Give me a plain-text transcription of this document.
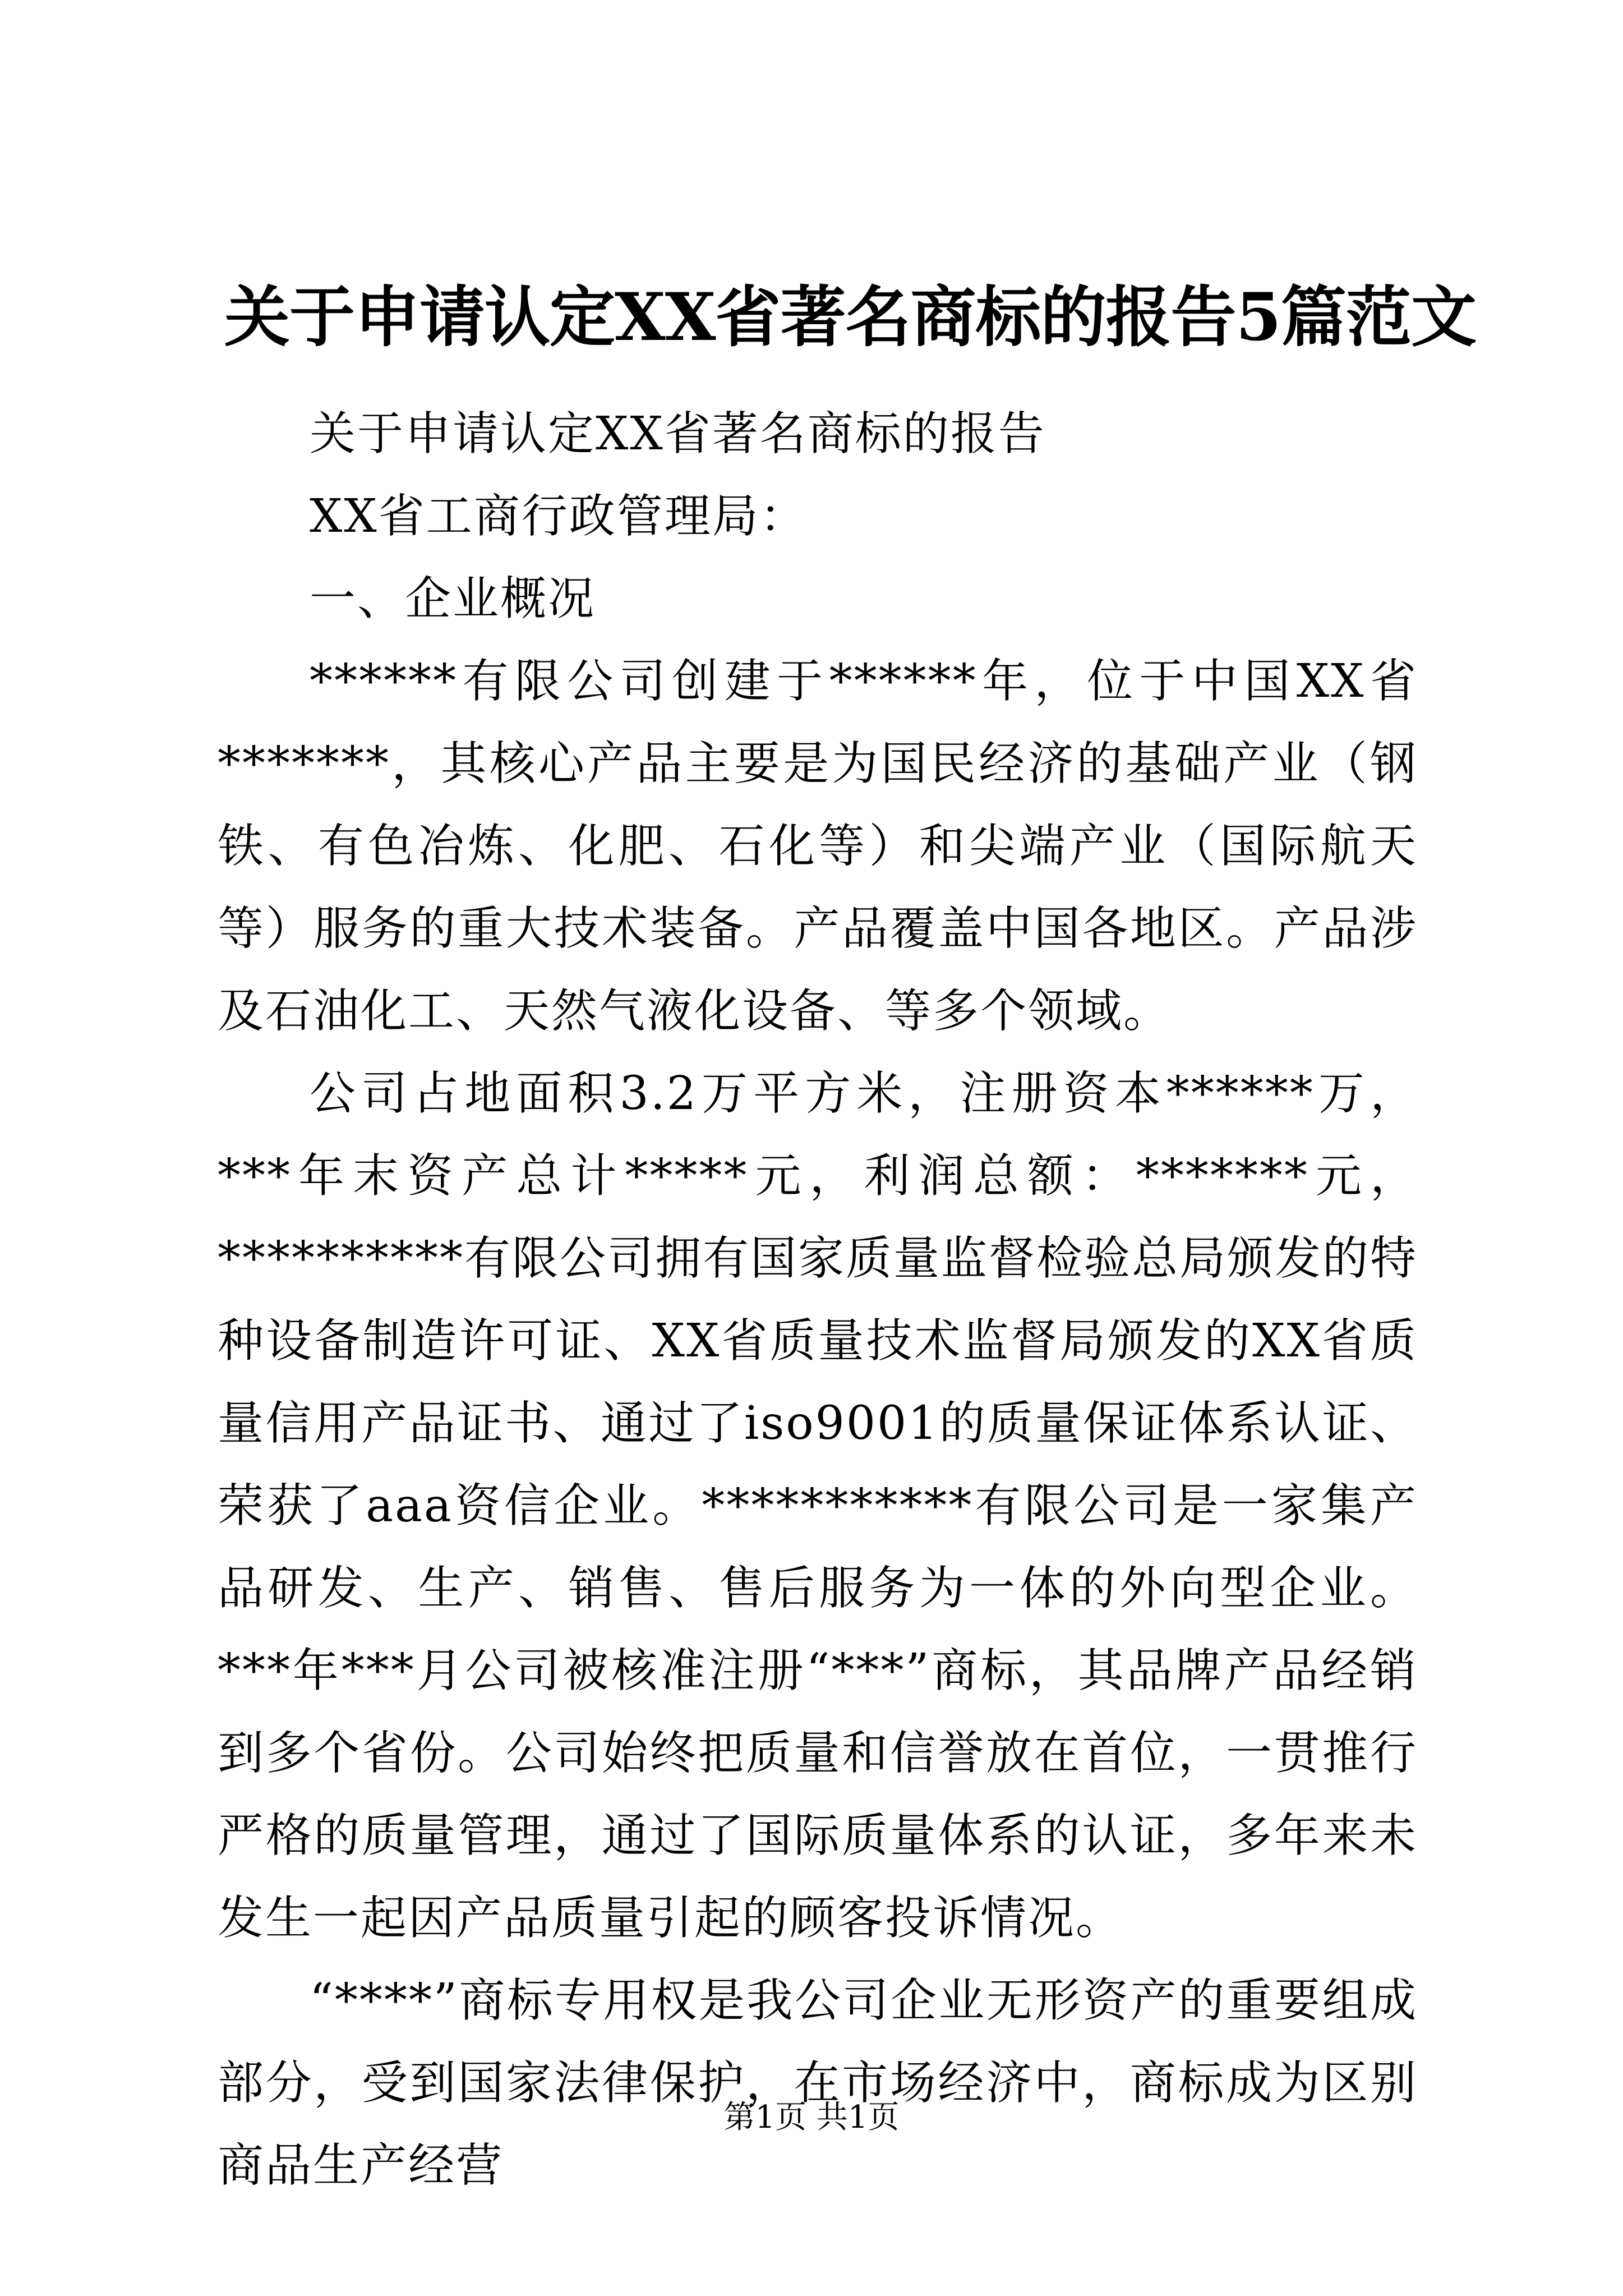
关于申请认定XX省著名商标的报告5篇范文

关于申请认定XX省著名商标的报告

XX省工商行政管理局：

一、企业概况

******有限公司创建于******年，位于中国XX省*******，其核心产品主要是为国民经济的基础产业（钢铁、有色冶炼、化肥、石化等）和尖端产业（国际航天等）服务的重大技术装备。产品覆盖中国各地区。产品涉及石油化工、天然气液化设备、等多个领域。

公司占地面积3.2万平方米，注册资本******万，***年末资产总计*****元，利润总额：*******元，**********有限公司拥有国家质量监督检验总局颁发的特种设备制造许可证、XX省质量技术监督局颁发的XX省质量信用产品证书、通过了iso9001的质量保证体系认证、荣获了aaa资信企业。***********有限公司是一家集产品研发、生产、销售、售后服务为一体的外向型企业。***年***月公司被核准注册“***”商标，其品牌产品经销到多个省份。公司始终把质量和信誉放在首位，一贯推行严格的质量管理，通过了国际质量体系的认证，多年来未发生一起因产品质量引起的顾客投诉情况。

“****”商标专用权是我公司企业无形资产的重要组成部分，受到国家法律保护，在市场经济中，商标成为区别商品生产经营

第1页 共1页
